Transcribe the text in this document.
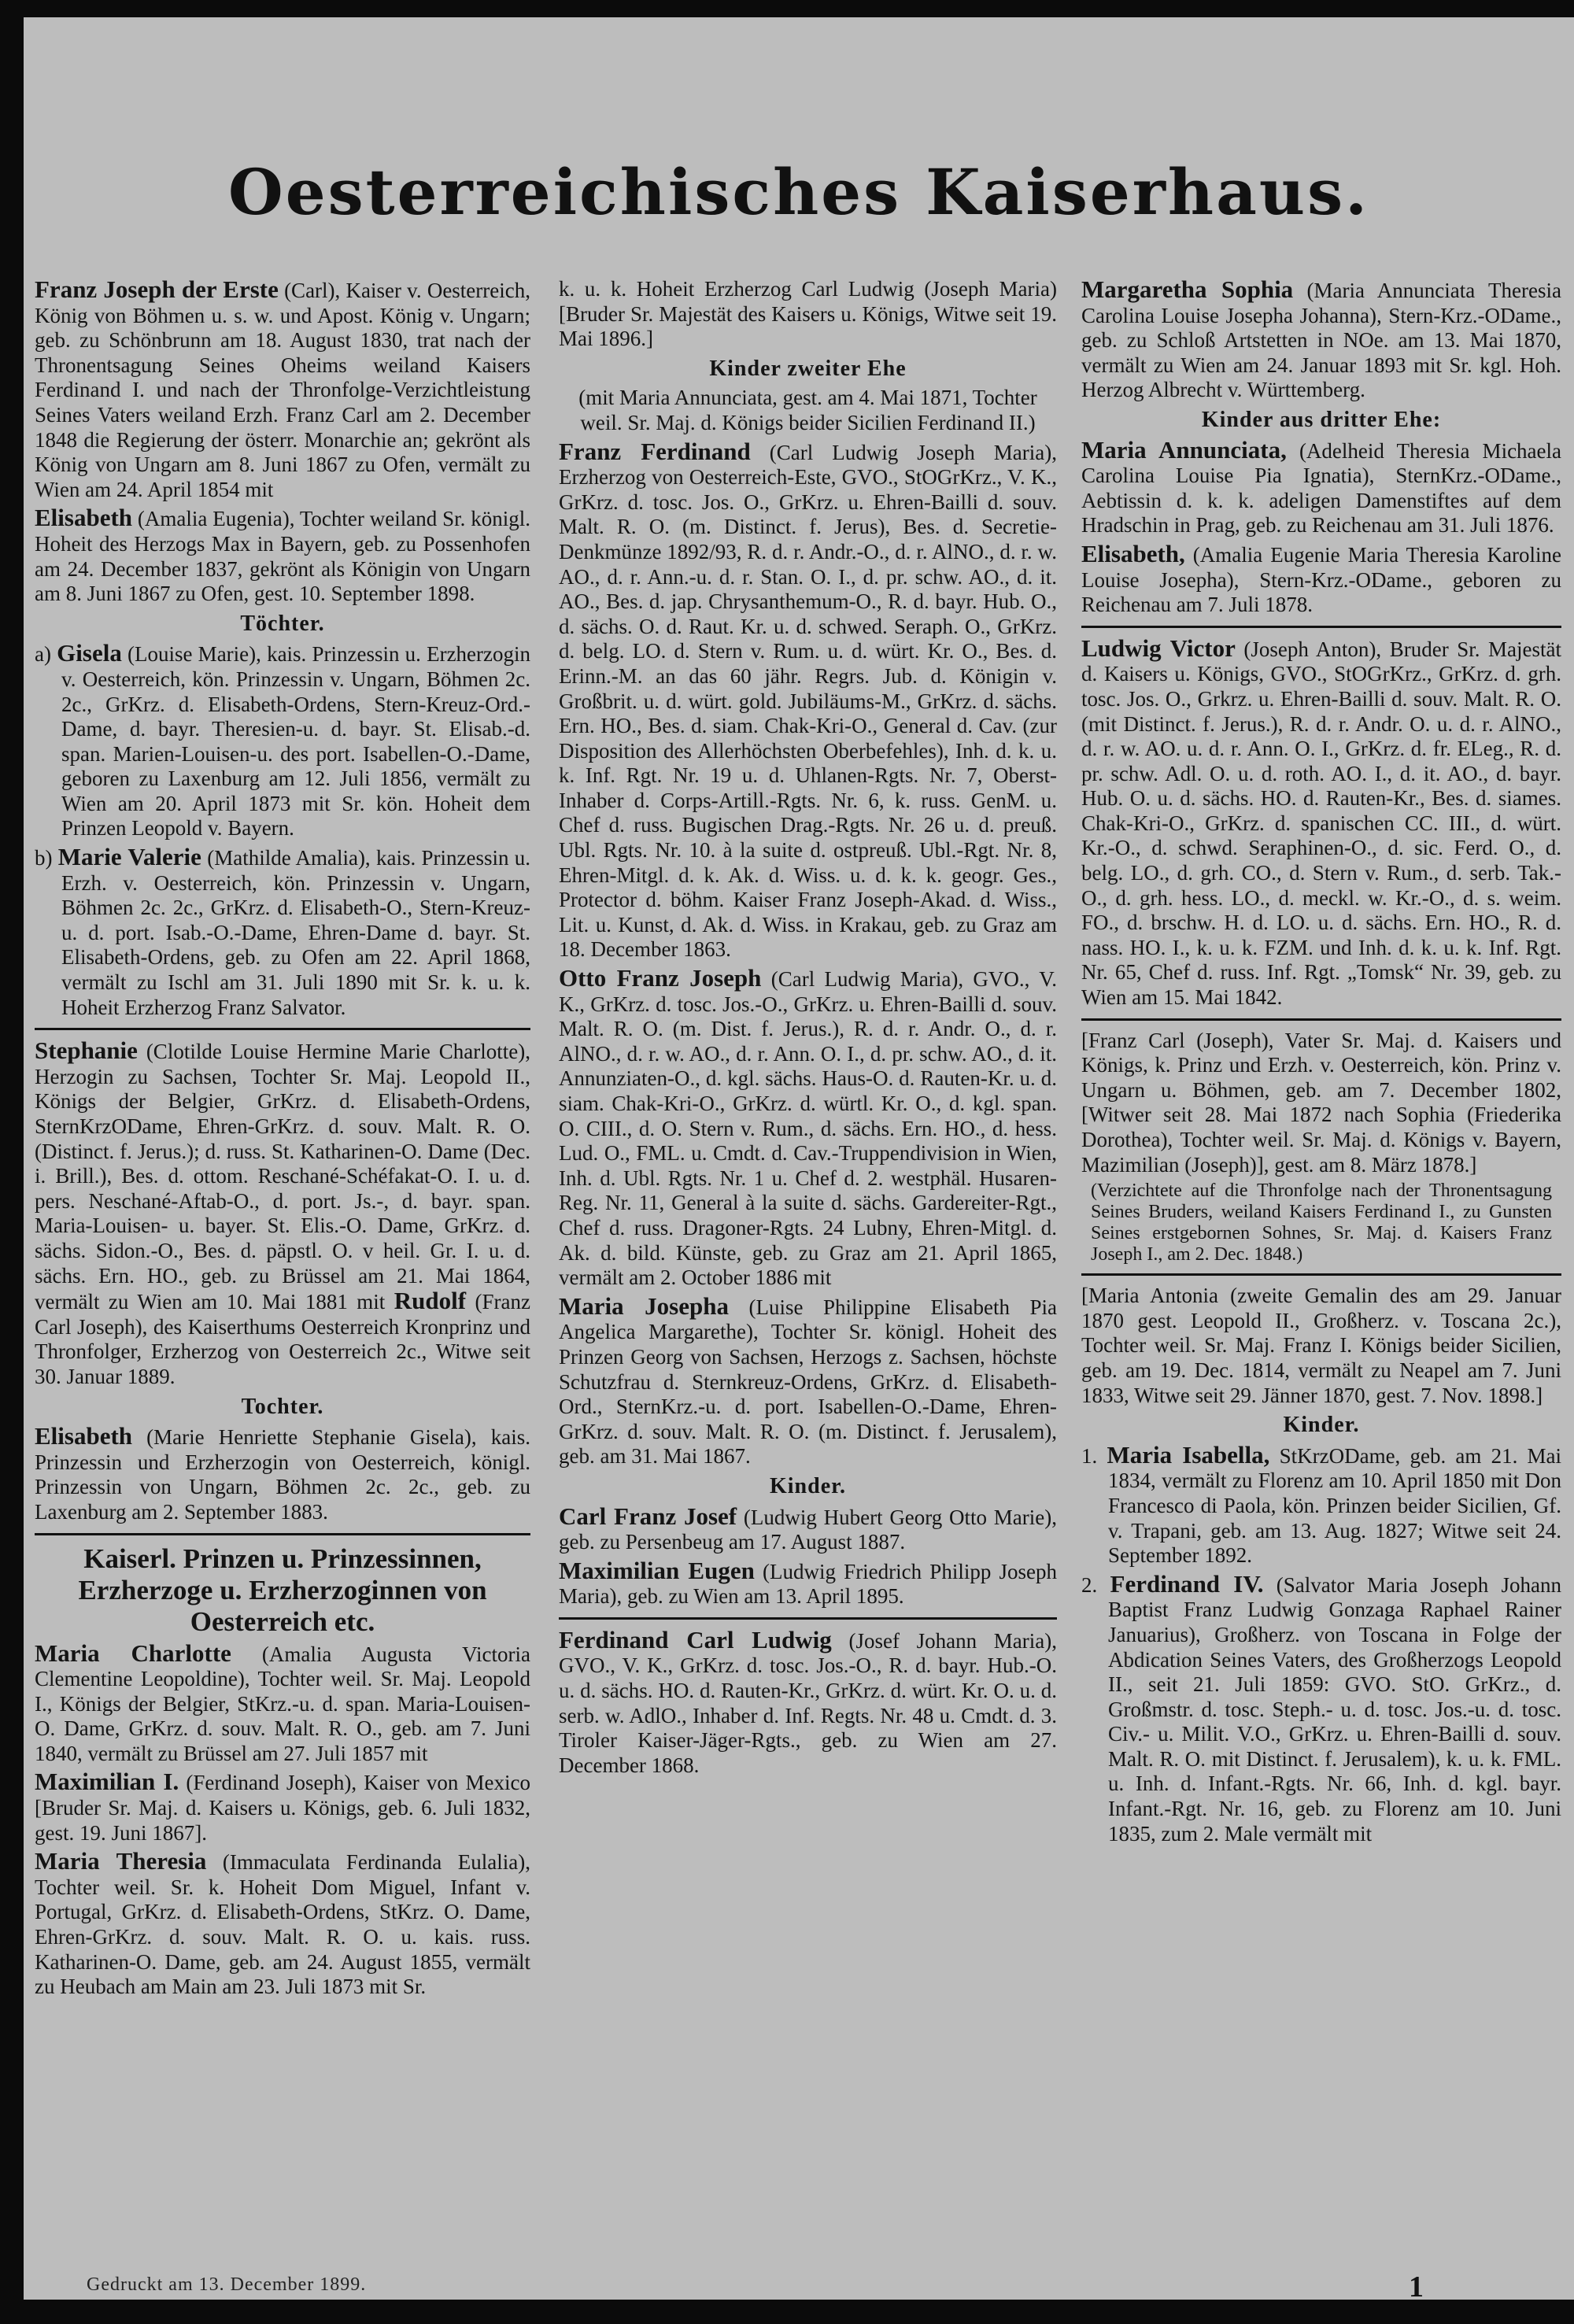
Oesterreichisches Kaiserhaus.

Franz Joseph der Erste (Carl), Kaiser v. Oesterreich, König von Böhmen u. s. w. und Apost. König v. Ungarn; geb. zu Schönbrunn am 18. August 1830, trat nach der Thronentsagung Seines Oheims weiland Kaisers Ferdinand I. und nach der Thronfolge-Verzichtleistung Seines Vaters weiland Erzh. Franz Carl am 2. December 1848 die Regierung der österr. Monarchie an; gekrönt als König von Ungarn am 8. Juni 1867 zu Ofen, vermält zu Wien am 24. April 1854 mit

Elisabeth (Amalia Eugenia), Tochter weiland Sr. königl. Hoheit des Herzogs Max in Bayern, geb. zu Possenhofen am 24. December 1837, gekrönt als Königin von Ungarn am 8. Juni 1867 zu Ofen, gest. 10. September 1898.

Töchter.

a) Gisela (Louise Marie), kais. Prinzessin u. Erzherzogin v. Oesterreich, kön. Prinzessin v. Ungarn, Böhmen 2c. 2c., GrKrz. d. Elisabeth-Ordens, Stern-Kreuz-Ord.-Dame, d. bayr. Theresien-u. d. bayr. St. Elisab.-d. span. Marien-Louisen-u. des port. Isabellen-O.-Dame, geboren zu Laxenburg am 12. Juli 1856, vermält zu Wien am 20. April 1873 mit Sr. kön. Hoheit dem Prinzen Leopold v. Bayern.

b) Marie Valerie (Mathilde Amalia), kais. Prinzessin u. Erzh. v. Oesterreich, kön. Prinzessin v. Ungarn, Böhmen 2c. 2c., GrKrz. d. Elisabeth-O., Stern-Kreuz- u. d. port. Isab.-O.-Dame, Ehren-Dame d. bayr. St. Elisabeth-Ordens, geb. zu Ofen am 22. April 1868, vermält zu Ischl am 31. Juli 1890 mit Sr. k. u. k. Hoheit Erzherzog Franz Salvator.

Stephanie (Clotilde Louise Hermine Marie Charlotte), Herzogin zu Sachsen, Tochter Sr. Maj. Leopold II., Königs der Belgier, GrKrz. d. Elisabeth-Ordens, SternKrzODame, Ehren-GrKrz. d. souv. Malt. R. O. (Distinct. f. Jerus.); d. russ. St. Katharinen-O. Dame (Dec. i. Brill.), Bes. d. ottom. Reschané-Schéfakat-O. I. u. d. pers. Neschané-Aftab-O., d. port. Js.-, d. bayr. span. Maria-Louisen- u. bayer. St. Elis.-O. Dame, GrKrz. d. sächs. Sidon.-O., Bes. d. päpstl. O. v heil. Gr. I. u. d. sächs. Ern. HO., geb. zu Brüssel am 21. Mai 1864, vermält zu Wien am 10. Mai 1881 mit Rudolf (Franz Carl Joseph), des Kaiserthums Oesterreich Kronprinz und Thronfolger, Erzherzog von Oesterreich 2c., Witwe seit 30. Januar 1889.

Tochter.

Elisabeth (Marie Henriette Stephanie Gisela), kais. Prinzessin und Erzherzogin von Oesterreich, königl. Prinzessin von Ungarn, Böhmen 2c. 2c., geb. zu Laxenburg am 2. September 1883.

Kaiserl. Prinzen u. Prinzessinnen, Erzherzoge u. Erzherzoginnen von Oesterreich etc.

Maria Charlotte (Amalia Augusta Victoria Clementine Leopoldine), Tochter weil. Sr. Maj. Leopold I., Königs der Belgier, StKrz.-u. d. span. Maria-Louisen-O. Dame, GrKrz. d. souv. Malt. R. O., geb. am 7. Juni 1840, vermält zu Brüssel am 27. Juli 1857 mit

Maximilian I. (Ferdinand Joseph), Kaiser von Mexico [Bruder Sr. Maj. d. Kaisers u. Königs, geb. 6. Juli 1832, gest. 19. Juni 1867].

Maria Theresia (Immaculata Ferdinanda Eulalia), Tochter weil. Sr. k. Hoheit Dom Miguel, Infant v. Portugal, GrKrz. d. Elisabeth-Ordens, StKrz. O. Dame, Ehren-GrKrz. d. souv. Malt. R. O. u. kais. russ. Katharinen-O. Dame, geb. am 24. August 1855, vermält zu Heubach am Main am 23. Juli 1873 mit Sr.

k. u. k. Hoheit Erzherzog Carl Ludwig (Joseph Maria) [Bruder Sr. Majestät des Kaisers u. Königs, Witwe seit 19. Mai 1896.]

Kinder zweiter Ehe

(mit Maria Annunciata, gest. am 4. Mai 1871, Tochter weil. Sr. Maj. d. Königs beider Sicilien Ferdinand II.)

Franz Ferdinand (Carl Ludwig Joseph Maria), Erzherzog von Oesterreich-Este, GVO., StOGrKrz., V. K., GrKrz. d. tosc. Jos. O., GrKrz. u. Ehren-Bailli d. souv. Malt. R. O. (m. Distinct. f. Jerus), Bes. d. Secretie-Denkmünze 1892/93, R. d. r. Andr.-O., d. r. AlNO., d. r. w. AO., d. r. Ann.-u. d. r. Stan. O. I., d. pr. schw. AO., d. it. AO., Bes. d. jap. Chrysanthemum-O., R. d. bayr. Hub. O., d. sächs. O. d. Raut. Kr. u. d. schwed. Seraph. O., GrKrz. d. belg. LO. d. Stern v. Rum. u. d. würt. Kr. O., Bes. d. Erinn.-M. an das 60 jähr. Regrs. Jub. d. Königin v. Großbrit. u. d. würt. gold. Jubiläums-M., GrKrz. d. sächs. Ern. HO., Bes. d. siam. Chak-Kri-O., General d. Cav. (zur Disposition des Allerhöchsten Oberbefehles), Inh. d. k. u. k. Inf. Rgt. Nr. 19 u. d. Uhlanen-Rgts. Nr. 7, Oberst-Inhaber d. Corps-Artill.-Rgts. Nr. 6, k. russ. GenM. u. Chef d. russ. Bugischen Drag.-Rgts. Nr. 26 u. d. preuß. Ubl. Rgts. Nr. 10. à la suite d. ostpreuß. Ubl.-Rgt. Nr. 8, Ehren-Mitgl. d. k. Ak. d. Wiss. u. d. k. k. geogr. Ges., Protector d. böhm. Kaiser Franz Joseph-Akad. d. Wiss., Lit. u. Kunst, d. Ak. d. Wiss. in Krakau, geb. zu Graz am 18. December 1863.

Otto Franz Joseph (Carl Ludwig Maria), GVO., V. K., GrKrz. d. tosc. Jos.-O., GrKrz. u. Ehren-Bailli d. souv. Malt. R. O. (m. Dist. f. Jerus.), R. d. r. Andr. O., d. r. AlNO., d. r. w. AO., d. r. Ann. O. I., d. pr. schw. AO., d. it. Annunziaten-O., d. kgl. sächs. Haus-O. d. Rauten-Kr. u. d. siam. Chak-Kri-O., GrKrz. d. würtl. Kr. O., d. kgl. span. O. CIII., d. O. Stern v. Rum., d. sächs. Ern. HO., d. hess. Lud. O., FML. u. Cmdt. d. Cav.-Truppendivision in Wien, Inh. d. Ubl. Rgts. Nr. 1 u. Chef d. 2. westphäl. Husaren-Reg. Nr. 11, General à la suite d. sächs. Gardereiter-Rgt., Chef d. russ. Dragoner-Rgts. 24 Lubny, Ehren-Mitgl. d. Ak. d. bild. Künste, geb. zu Graz am 21. April 1865, vermält am 2. October 1886 mit

Maria Josepha (Luise Philippine Elisabeth Pia Angelica Margarethe), Tochter Sr. königl. Hoheit des Prinzen Georg von Sachsen, Herzogs z. Sachsen, höchste Schutzfrau d. Sternkreuz-Ordens, GrKrz. d. Elisabeth-Ord., SternKrz.-u. d. port. Isabellen-O.-Dame, Ehren-GrKrz. d. souv. Malt. R. O. (m. Distinct. f. Jerusalem), geb. am 31. Mai 1867.

Kinder.

Carl Franz Josef (Ludwig Hubert Georg Otto Marie), geb. zu Persenbeug am 17. August 1887.

Maximilian Eugen (Ludwig Friedrich Philipp Joseph Maria), geb. zu Wien am 13. April 1895.

Ferdinand Carl Ludwig (Josef Johann Maria), GVO., V. K., GrKrz. d. tosc. Jos.-O., R. d. bayr. Hub.-O. u. d. sächs. HO. d. Rauten-Kr., GrKrz. d. würt. Kr. O. u. d. serb. w. AdlO., Inhaber d. Inf. Regts. Nr. 48 u. Cmdt. d. 3. Tiroler Kaiser-Jäger-Rgts., geb. zu Wien am 27. December 1868.

Margaretha Sophia (Maria Annunciata Theresia Carolina Louise Josepha Johanna), Stern-Krz.-ODame., geb. zu Schloß Artstetten in NOe. am 13. Mai 1870, vermält zu Wien am 24. Januar 1893 mit Sr. kgl. Hoh. Herzog Albrecht v. Württemberg.

Kinder aus dritter Ehe:

Maria Annunciata, (Adelheid Theresia Michaela Carolina Louise Pia Ignatia), SternKrz.-ODame., Aebtissin d. k. k. adeligen Damenstiftes auf dem Hradschin in Prag, geb. zu Reichenau am 31. Juli 1876.

Elisabeth, (Amalia Eugenie Maria Theresia Karoline Louise Josepha), Stern-Krz.-ODame., geboren zu Reichenau am 7. Juli 1878.

Ludwig Victor (Joseph Anton), Bruder Sr. Majestät d. Kaisers u. Königs, GVO., StOGrKrz., GrKrz. d. grh. tosc. Jos. O., Grkrz. u. Ehren-Bailli d. souv. Malt. R. O. (mit Distinct. f. Jerus.), R. d. r. Andr. O. u. d. r. AlNO., d. r. w. AO. u. d. r. Ann. O. I., GrKrz. d. fr. ELeg., R. d. pr. schw. Adl. O. u. d. roth. AO. I., d. it. AO., d. bayr. Hub. O. u. d. sächs. HO. d. Rauten-Kr., Bes. d. siames. Chak-Kri-O., GrKrz. d. spanischen CC. III., d. würt. Kr.-O., d. schwd. Seraphinen-O., d. sic. Ferd. O., d. belg. LO., d. grh. CO., d. Stern v. Rum., d. serb. Tak.-O., d. grh. hess. LO., d. meckl. w. Kr.-O., d. s. weim. FO., d. brschw. H. d. LO. u. d. sächs. Ern. HO., R. d. nass. HO. I., k. u. k. FZM. und Inh. d. k. u. k. Inf. Rgt. Nr. 65, Chef d. russ. Inf. Rgt. „Tomsk“ Nr. 39, geb. zu Wien am 15. Mai 1842.

[Franz Carl (Joseph), Vater Sr. Maj. d. Kaisers und Königs, k. Prinz und Erzh. v. Oesterreich, kön. Prinz v. Ungarn u. Böhmen, geb. am 7. December 1802, [Witwer seit 28. Mai 1872 nach Sophia (Friederika Dorothea), Tochter weil. Sr. Maj. d. Königs v. Bayern, Mazimilian (Joseph)], gest. am 8. März 1878.]

(Verzichtete auf die Thronfolge nach der Thronentsagung Seines Bruders, weiland Kaisers Ferdinand I., zu Gunsten Seines erstgebornen Sohnes, Sr. Maj. d. Kaisers Franz Joseph I., am 2. Dec. 1848.)

[Maria Antonia (zweite Gemalin des am 29. Januar 1870 gest. Leopold II., Großherz. v. Toscana 2c.), Tochter weil. Sr. Maj. Franz I. Königs beider Sicilien, geb. am 19. Dec. 1814, vermält zu Neapel am 7. Juni 1833, Witwe seit 29. Jänner 1870, gest. 7. Nov. 1898.]

Kinder.

1. Maria Isabella, StKrzODame, geb. am 21. Mai 1834, vermält zu Florenz am 10. April 1850 mit Don Francesco di Paola, kön. Prinzen beider Sicilien, Gf. v. Trapani, geb. am 13. Aug. 1827; Witwe seit 24. September 1892.

2. Ferdinand IV. (Salvator Maria Joseph Johann Baptist Franz Ludwig Gonzaga Raphael Rainer Januarius), Großherz. von Toscana in Folge der Abdication Seines Vaters, des Großherzogs Leopold II., seit 21. Juli 1859: GVO. StO. GrKrz., d. Großmstr. d. tosc. Steph.- u. d. tosc. Jos.-u. d. tosc. Civ.- u. Milit. V.O., GrKrz. u. Ehren-Bailli d. souv. Malt. R. O. mit Distinct. f. Jerusalem), k. u. k. FML. u. Inh. d. Infant.-Rgts. Nr. 66, Inh. d. kgl. bayr. Infant.-Rgt. Nr. 16, geb. zu Florenz am 10. Juni 1835, zum 2. Male vermält mit

Gedruckt am 13. December 1899.	1
